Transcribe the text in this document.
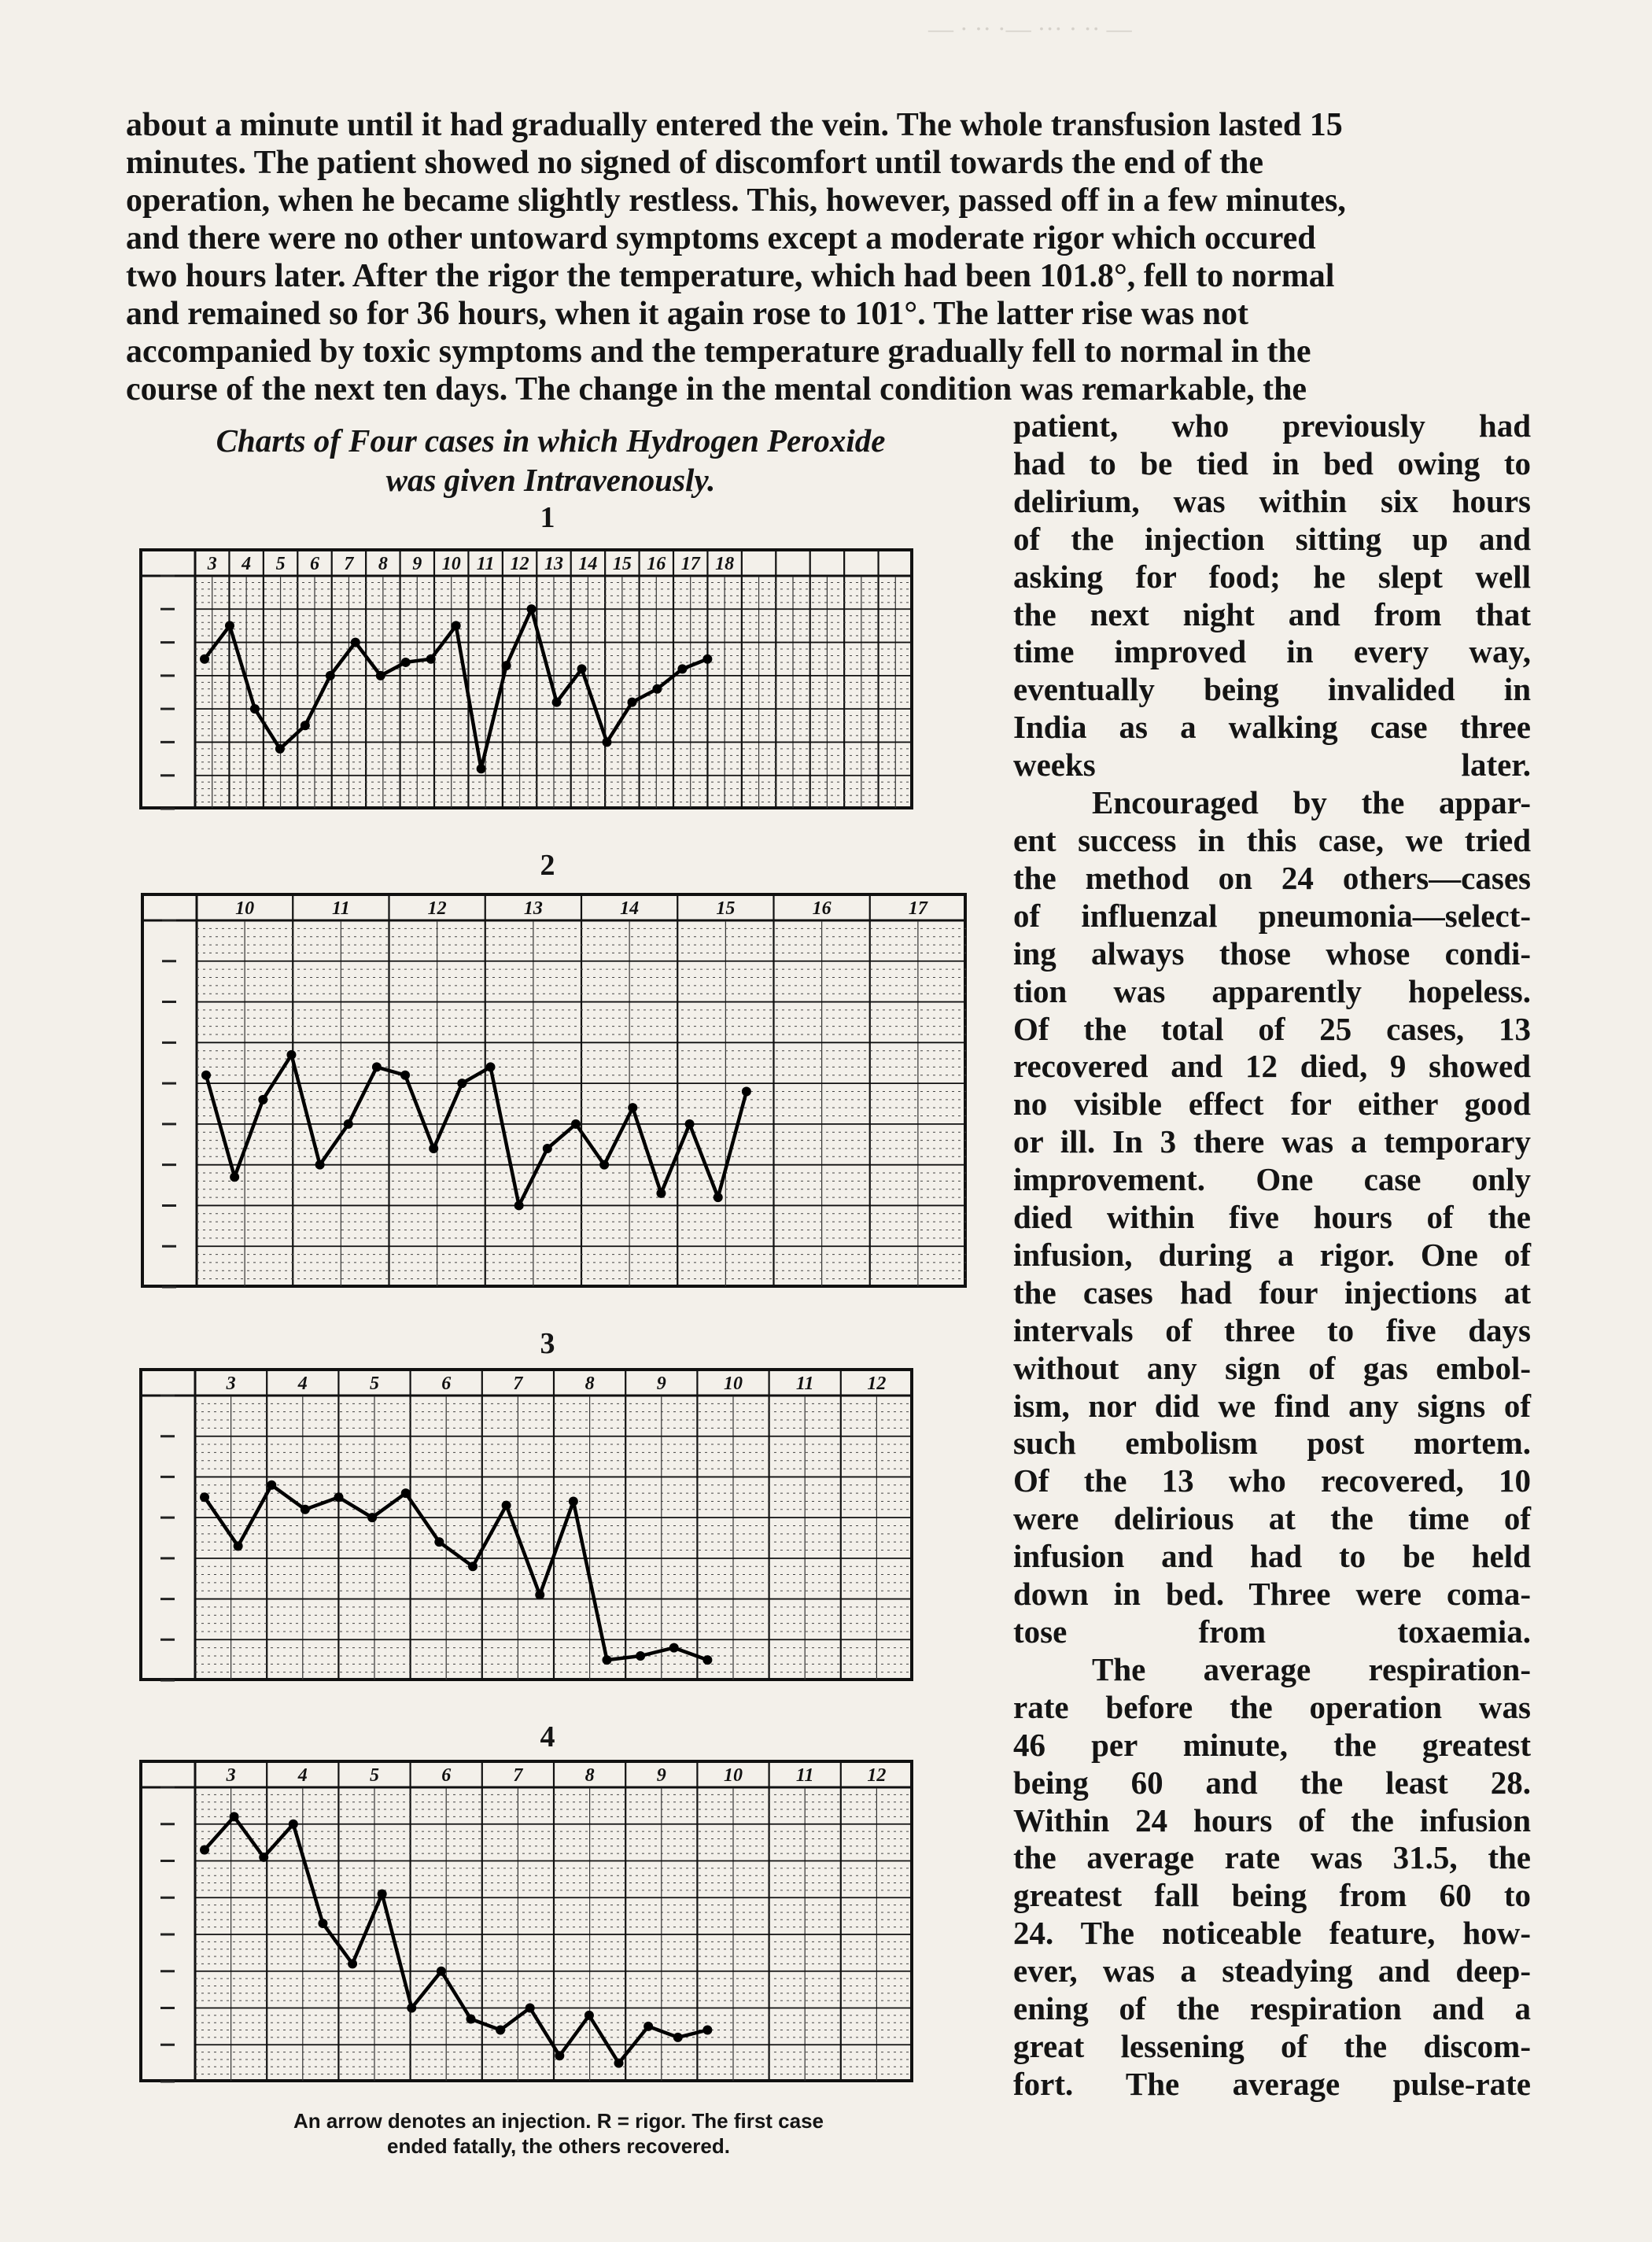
— · ·· ·— ··· · ·· —
about a minute until it had gradually entered the vein. The whole transfusion lasted 15
minutes. The patient showed no signed of discomfort until towards the end of the
operation, when he became slightly restless. This, however, passed off in a few minutes,
and there were no other untoward symptoms except a moderate rigor which occured
two hours later. After the rigor the temperature, which had been 101.8°, fell to normal
and remained so for 36 hours, when it again rose to 101°. The latter rise was not
accompanied by toxic symptoms and the temperature gradually fell to normal in the
course of the next ten days. The change in the mental condition was remarkable, the
Charts of Four cases in which Hydrogen Peroxide
was given Intravenously.
1
3 4 5 6 7 8 9 10 11 12 13 14 15 16 17 18
2
10	11	12	13	14	15	16	17
3
3	4	5	6	7	8	9	10	11	12
4
3	4	5	6	7	8	9	10	11	12
An arrow denotes an injection. R = rigor. The first case
ended fatally, the others recovered.

patient, who previously had
had to be tied in bed owing to
delirium, was within six hours
of the injection sitting up and
asking for food; he slept well
the next night and from that
time improved in every way,
eventually being invalided in
India as a walking case three
weeks later.

Encouraged by the appar-
ent success in this case, we tried
the method on 24 others—cases
of influenzal pneumonia—select-
ing always those whose condi-
tion was apparently hopeless.
Of the total of 25 cases, 13
recovered and 12 died, 9 showed
no visible effect for either good
or ill. In 3 there was a temporary
improvement. One case only
died within five hours of the
infusion, during a rigor. One of
the cases had four injections at
intervals of three to five days
without any sign of gas embol-
ism, nor did we find any signs of
such embolism post mortem.
Of the 13 who recovered, 10
were delirious at the time of
infusion and had to be held
down in bed. Three were coma-
tose from toxaemia.

The average respiration-
rate before the operation was
46 per minute, the greatest
being 60 and the least 28.
Within 24 hours of the infusion
the average rate was 31.5, the
greatest fall being from 60 to
24. The noticeable feature, how-
ever, was a steadying and deep-
ening of the respiration and a
great lessening of the discom-
fort. The average pulse-rate
